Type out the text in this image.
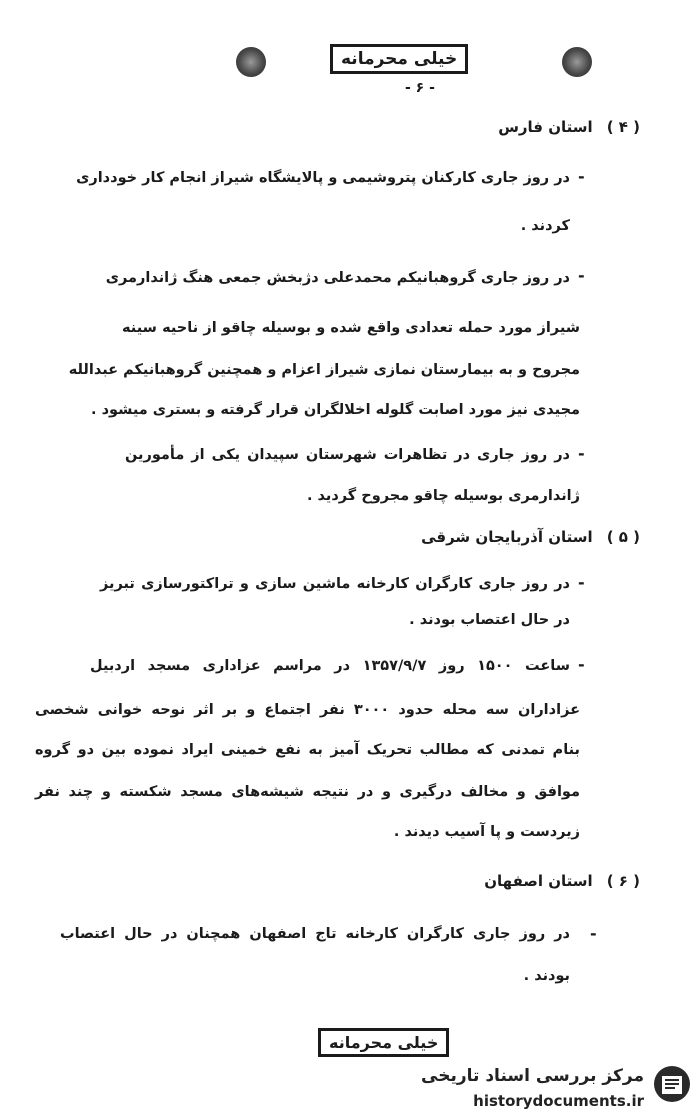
خیلی محرمانه
- ۶ -
( ۴ )استان فارس
-
در روز جاری کارکنان پتروشیمی و پالایشگاه شیراز انجام کار خودداری
کردند .
-
در روز جاری گروهبانیکم محمدعلی دژبخش جمعی هنگ ژاندارمری
شیراز مورد حمله تعدادی واقع شده و بوسیله چاقو از ناحیه سینه
مجروح و به بیمارستان نمازی شیراز اعزام و همچنین گروهبانیکم عبدالله
مجیدی نیز مورد اصابت گلوله اخلالگران قرار گرفته و بستری میشود .
-
در روز جاری در تظاهرات شهرستان سپیدان یکی از مأمورین
ژاندارمری بوسیله چاقو مجروح گردید .
( ۵ )استان آذربایجان شرقی
-
در روز جاری کارگران کارخانه ماشین سازی و تراکتورسازی تبریز
در حال اعتصاب بودند .
-
ساعت ۱۵۰۰ روز ۱۳۵۷/۹/۷ در مراسم عزاداری مسجد اردبیل
عزاداران سه محله حدود ۳۰۰۰ نفر اجتماع و بر اثر نوحه خوانی شخصی
بنام تمدنی که مطالب تحریک آمیز به نفع خمینی ایراد نموده بین دو گروه
موافق و مخالف درگیری و در نتیجه شیشه‌های مسجد شکسته و چند نفر
زیردست و پا آسیب دیدند .
( ۶ )استان اصفهان
-
در روز جاری کارگران کارخانه تاج اصفهان همچنان در حال اعتصاب
بودند .
خیلی محرمانه
مرکز بررسی اسناد تاریخی
historydocuments.ir
